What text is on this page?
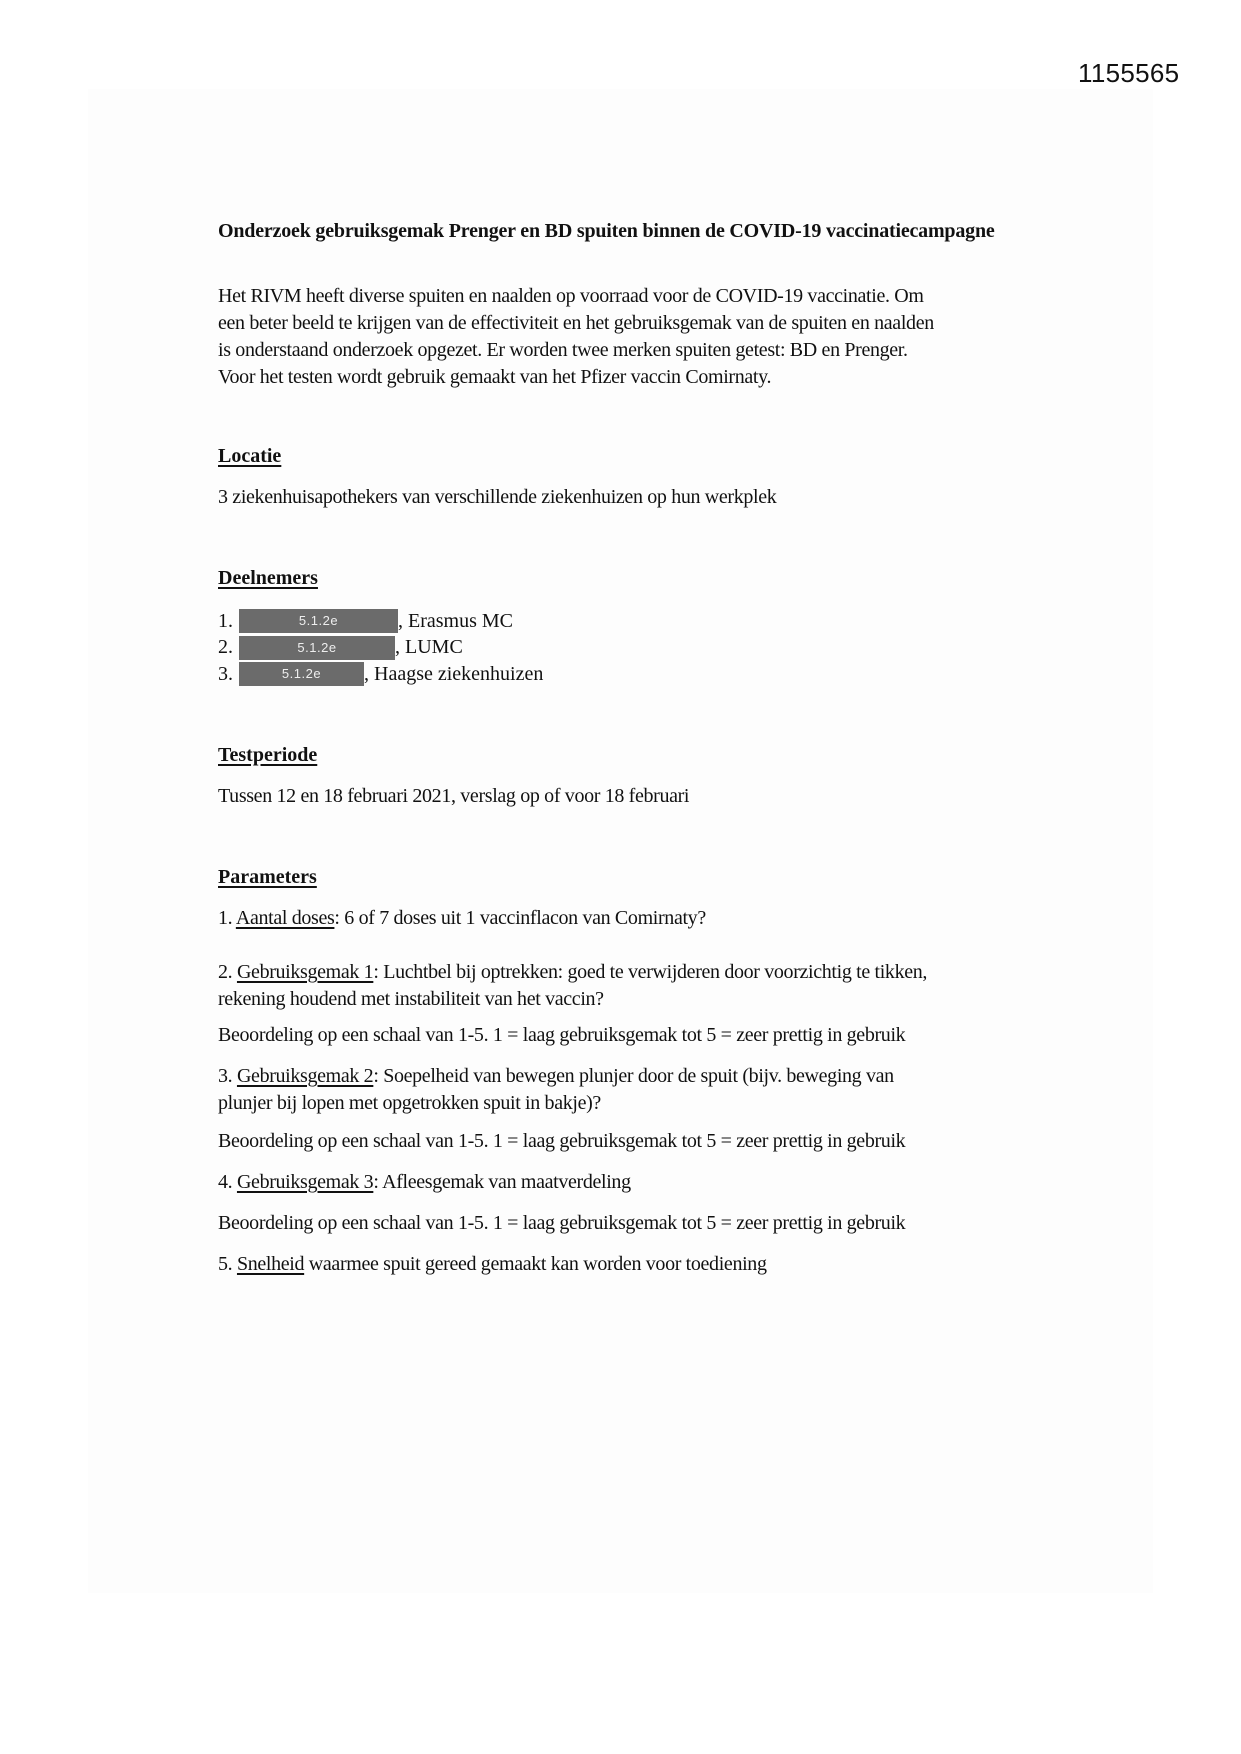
1155565
Onderzoek gebruiksgemak Prenger en BD spuiten binnen de COVID-19 vaccinatiecampagne
Het RIVM heeft diverse spuiten en naalden op voorraad voor de COVID-19 vaccinatie. Om
een beter beeld te krijgen van de effectiviteit en het gebruiksgemak van de spuiten en naalden
is onderstaand onderzoek opgezet. Er worden twee merken spuiten getest: BD en Prenger.
Voor het testen wordt gebruik gemaakt van het Pfizer vaccin Comirnaty.
Locatie
3 ziekenhuisapothekers van verschillende ziekenhuizen op hun werkplek
Deelnemers
1.	5.1.2e	, Erasmus MC
2.	5.1.2e	, LUMC
3.	5.1.2e	, Haagse ziekenhuizen
Testperiode
Tussen 12 en 18 februari 2021, verslag op of voor 18 februari
Parameters
1. Aantal doses: 6 of 7 doses uit 1 vaccinflacon van Comirnaty?
2. Gebruiksgemak 1: Luchtbel bij optrekken: goed te verwijderen door voorzichtig te tikken,
rekening houdend met instabiliteit van het vaccin?
Beoordeling op een schaal van 1-5. 1 = laag gebruiksgemak tot 5 = zeer prettig in gebruik
3. Gebruiksgemak 2: Soepelheid van bewegen plunjer door de spuit (bijv. beweging van
plunjer bij lopen met opgetrokken spuit in bakje)?
Beoordeling op een schaal van 1-5. 1 = laag gebruiksgemak tot 5 = zeer prettig in gebruik
4. Gebruiksgemak 3: Afleesgemak van maatverdeling
Beoordeling op een schaal van 1-5. 1 = laag gebruiksgemak tot 5 = zeer prettig in gebruik
5. Snelheid waarmee spuit gereed gemaakt kan worden voor toediening
